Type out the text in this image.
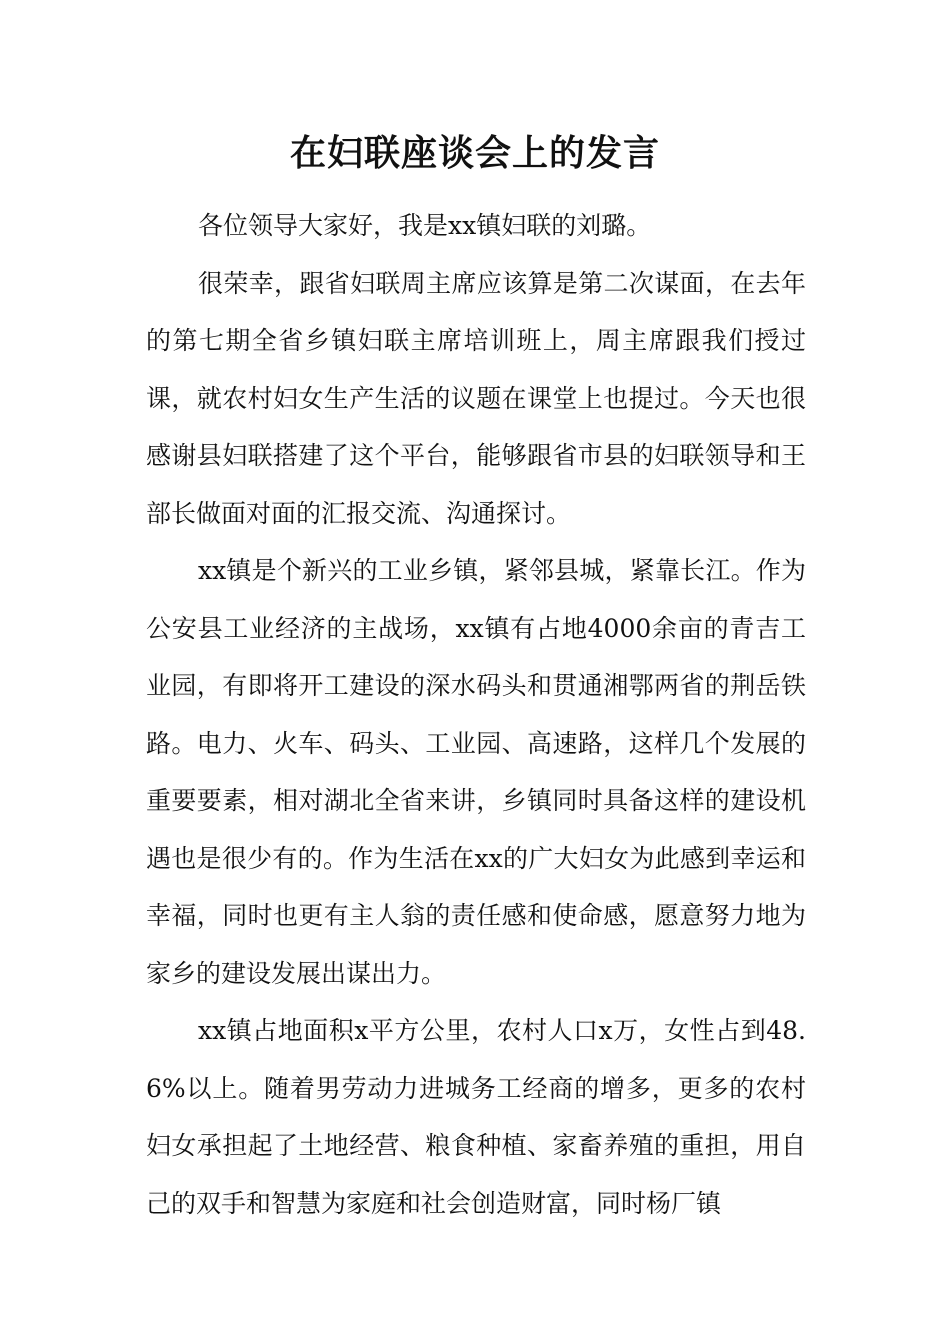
在妇联座谈会上的发言

各位领导大家好，我是xx镇妇联的刘璐。

很荣幸，跟省妇联周主席应该算是第二次谋面，在去年的第七期全省乡镇妇联主席培训班上，周主席跟我们授过课，就农村妇女生产生活的议题在课堂上也提过。今天也很感谢县妇联搭建了这个平台，能够跟省市县的妇联领导和王部长做面对面的汇报交流、沟通探讨。

xx镇是个新兴的工业乡镇，紧邻县城，紧靠长江。作为公安县工业经济的主战场，xx镇有占地4000余亩的青吉工业园，有即将开工建设的深水码头和贯通湘鄂两省的荆岳铁路。电力、火车、码头、工业园、高速路，这样几个发展的重要要素，相对湖北全省来讲，乡镇同时具备这样的建设机遇也是很少有的。作为生活在xx的广大妇女为此感到幸运和幸福，同时也更有主人翁的责任感和使命感，愿意努力地为家乡的建设发展出谋出力。

xx镇占地面积x平方公里，农村人口x万，女性占到48.6%以上。随着男劳动力进城务工经商的增多，更多的农村妇女承担起了土地经营、粮食种植、家畜养殖的重担，用自己的双手和智慧为家庭和社会创造财富，同时杨厂镇
